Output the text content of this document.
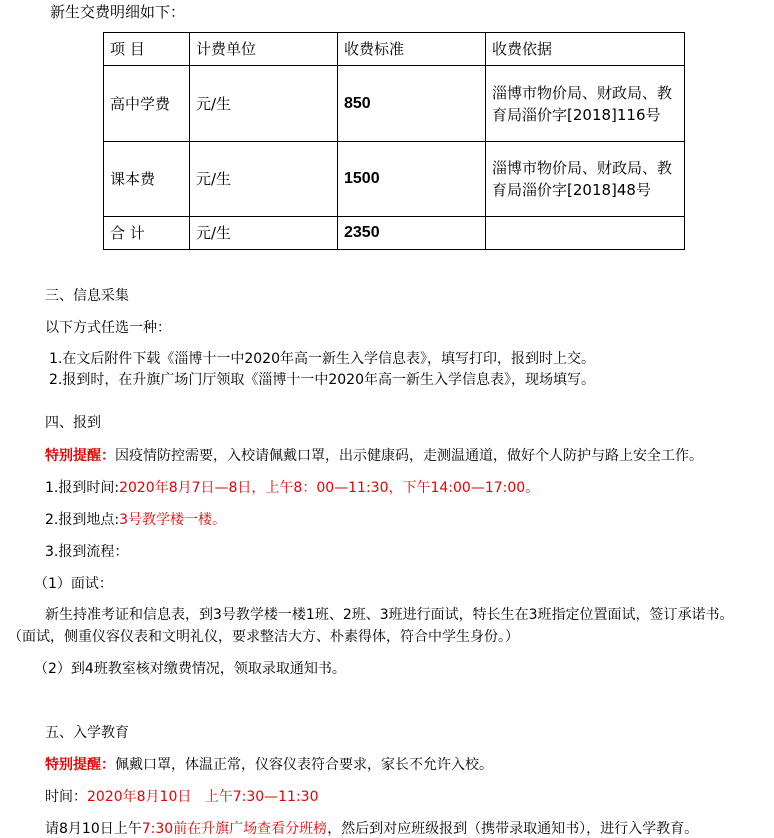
新生交费明细如下：
项 目	计费单位	收费标准	收费依据
高中学费	元/生	850	淄博市物价局、财政局、教育局淄价字[2018]116号

课本费	元/生	1500	淄博市物价局、财政局、教育局淄价字[2018]48号

合 计	元/生	2350	
三、信息采集
以下方式任选一种：
1.在文后附件下载《淄博十一中2020年高一新生入学信息表》，填写打印，报到时上交。
2.报到时，在升旗广场门厅领取《淄博十一中2020年高一新生入学信息表》，现场填写。
四、报到
特别提醒：因疫情防控需要，入校请佩戴口罩，出示健康码，走测温通道，做好个人防护与路上安全工作。
1.报到时间:2020年8月7日—8日，上午8：00—11:30，下午14:00—17:00。
2.报到地点:3号教学楼一楼。
3.报到流程：
（1）面试：
新生持准考证和信息表，到3号教学楼一楼1班、2班、3班进行面试，特长生在3班指定位置面试，签订承诺书。
（面试，侧重仪容仪表和文明礼仪，要求整洁大方、朴素得体，符合中学生身份。）
（2）到4班教室核对缴费情况，领取录取通知书。
五、入学教育
特别提醒：佩戴口罩，体温正常，仪容仪表符合要求，家长不允许入校。
时间：2020年8月10日   上午7:30—11:30
请8月10日上午7:30前在升旗广场查看分班榜，然后到对应班级报到（携带录取通知书），进行入学教育。
